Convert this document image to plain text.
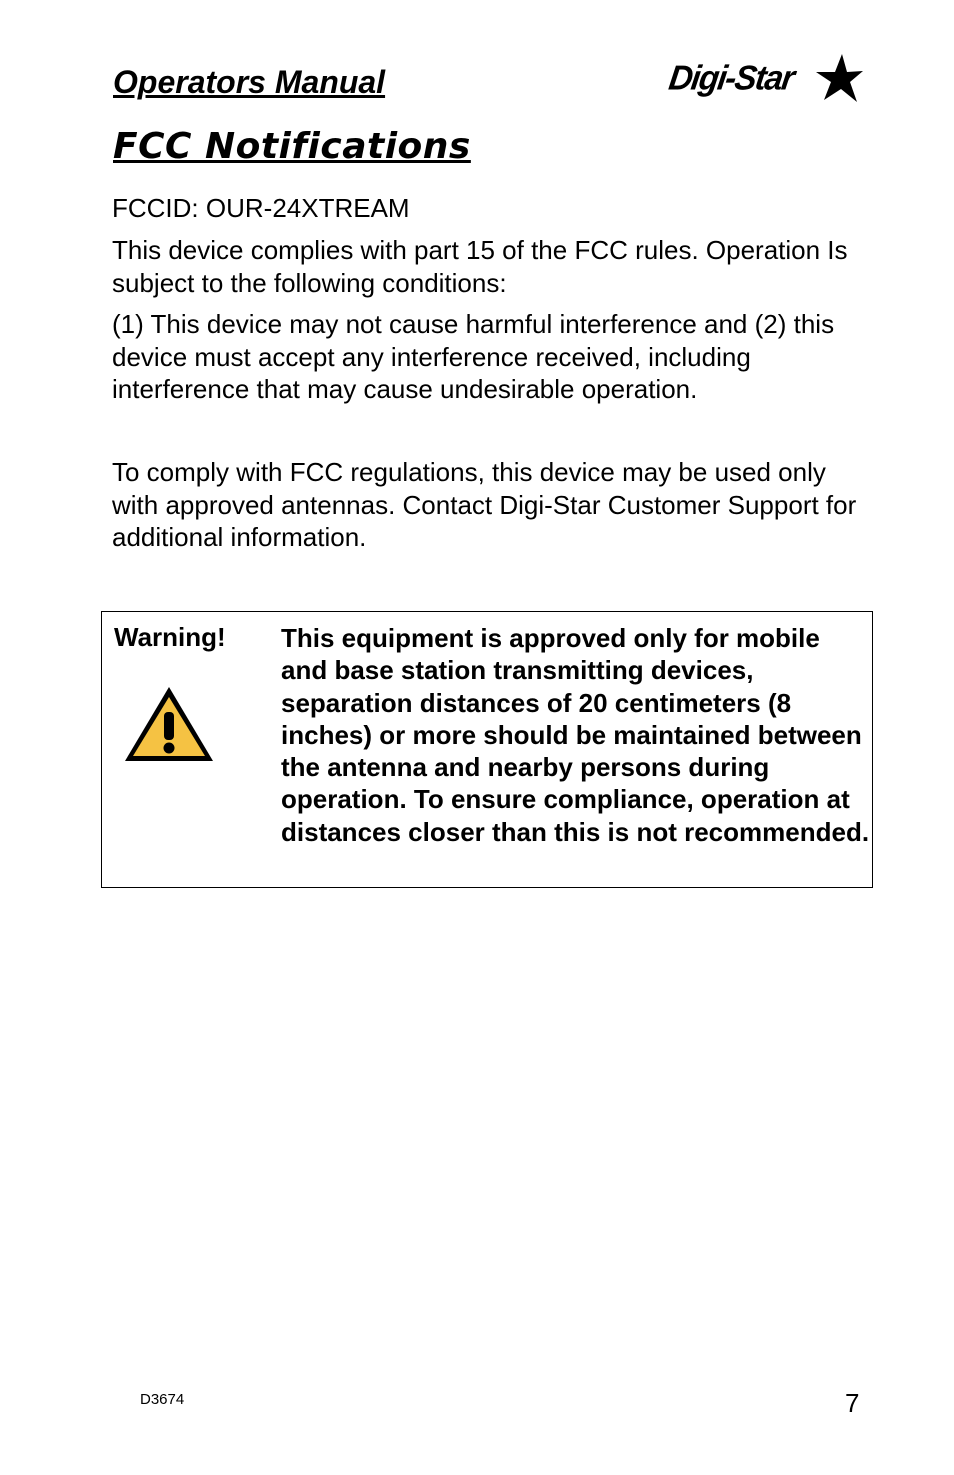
Operators Manual	Digi-Star
FCC Notifications

FCCID: OUR-24XTREAM

This device complies with part 15 of the FCC rules. Operation Is subject to the following conditions:

(1) This device may not cause harmful interference and (2) this device must accept any interference received, including interference that may cause undesirable operation.

To comply with FCC regulations, this device may be used only with approved antennas. Contact Digi-Star Customer Support for additional information.

Warning! This equipment is approved only for mobile and base station transmitting devices, separation distances of 20 centimeters (8 inches) or more should be maintained between the antenna and nearby persons during operation. To ensure compliance, operation at distances closer than this is not recommended.

D3674	7
